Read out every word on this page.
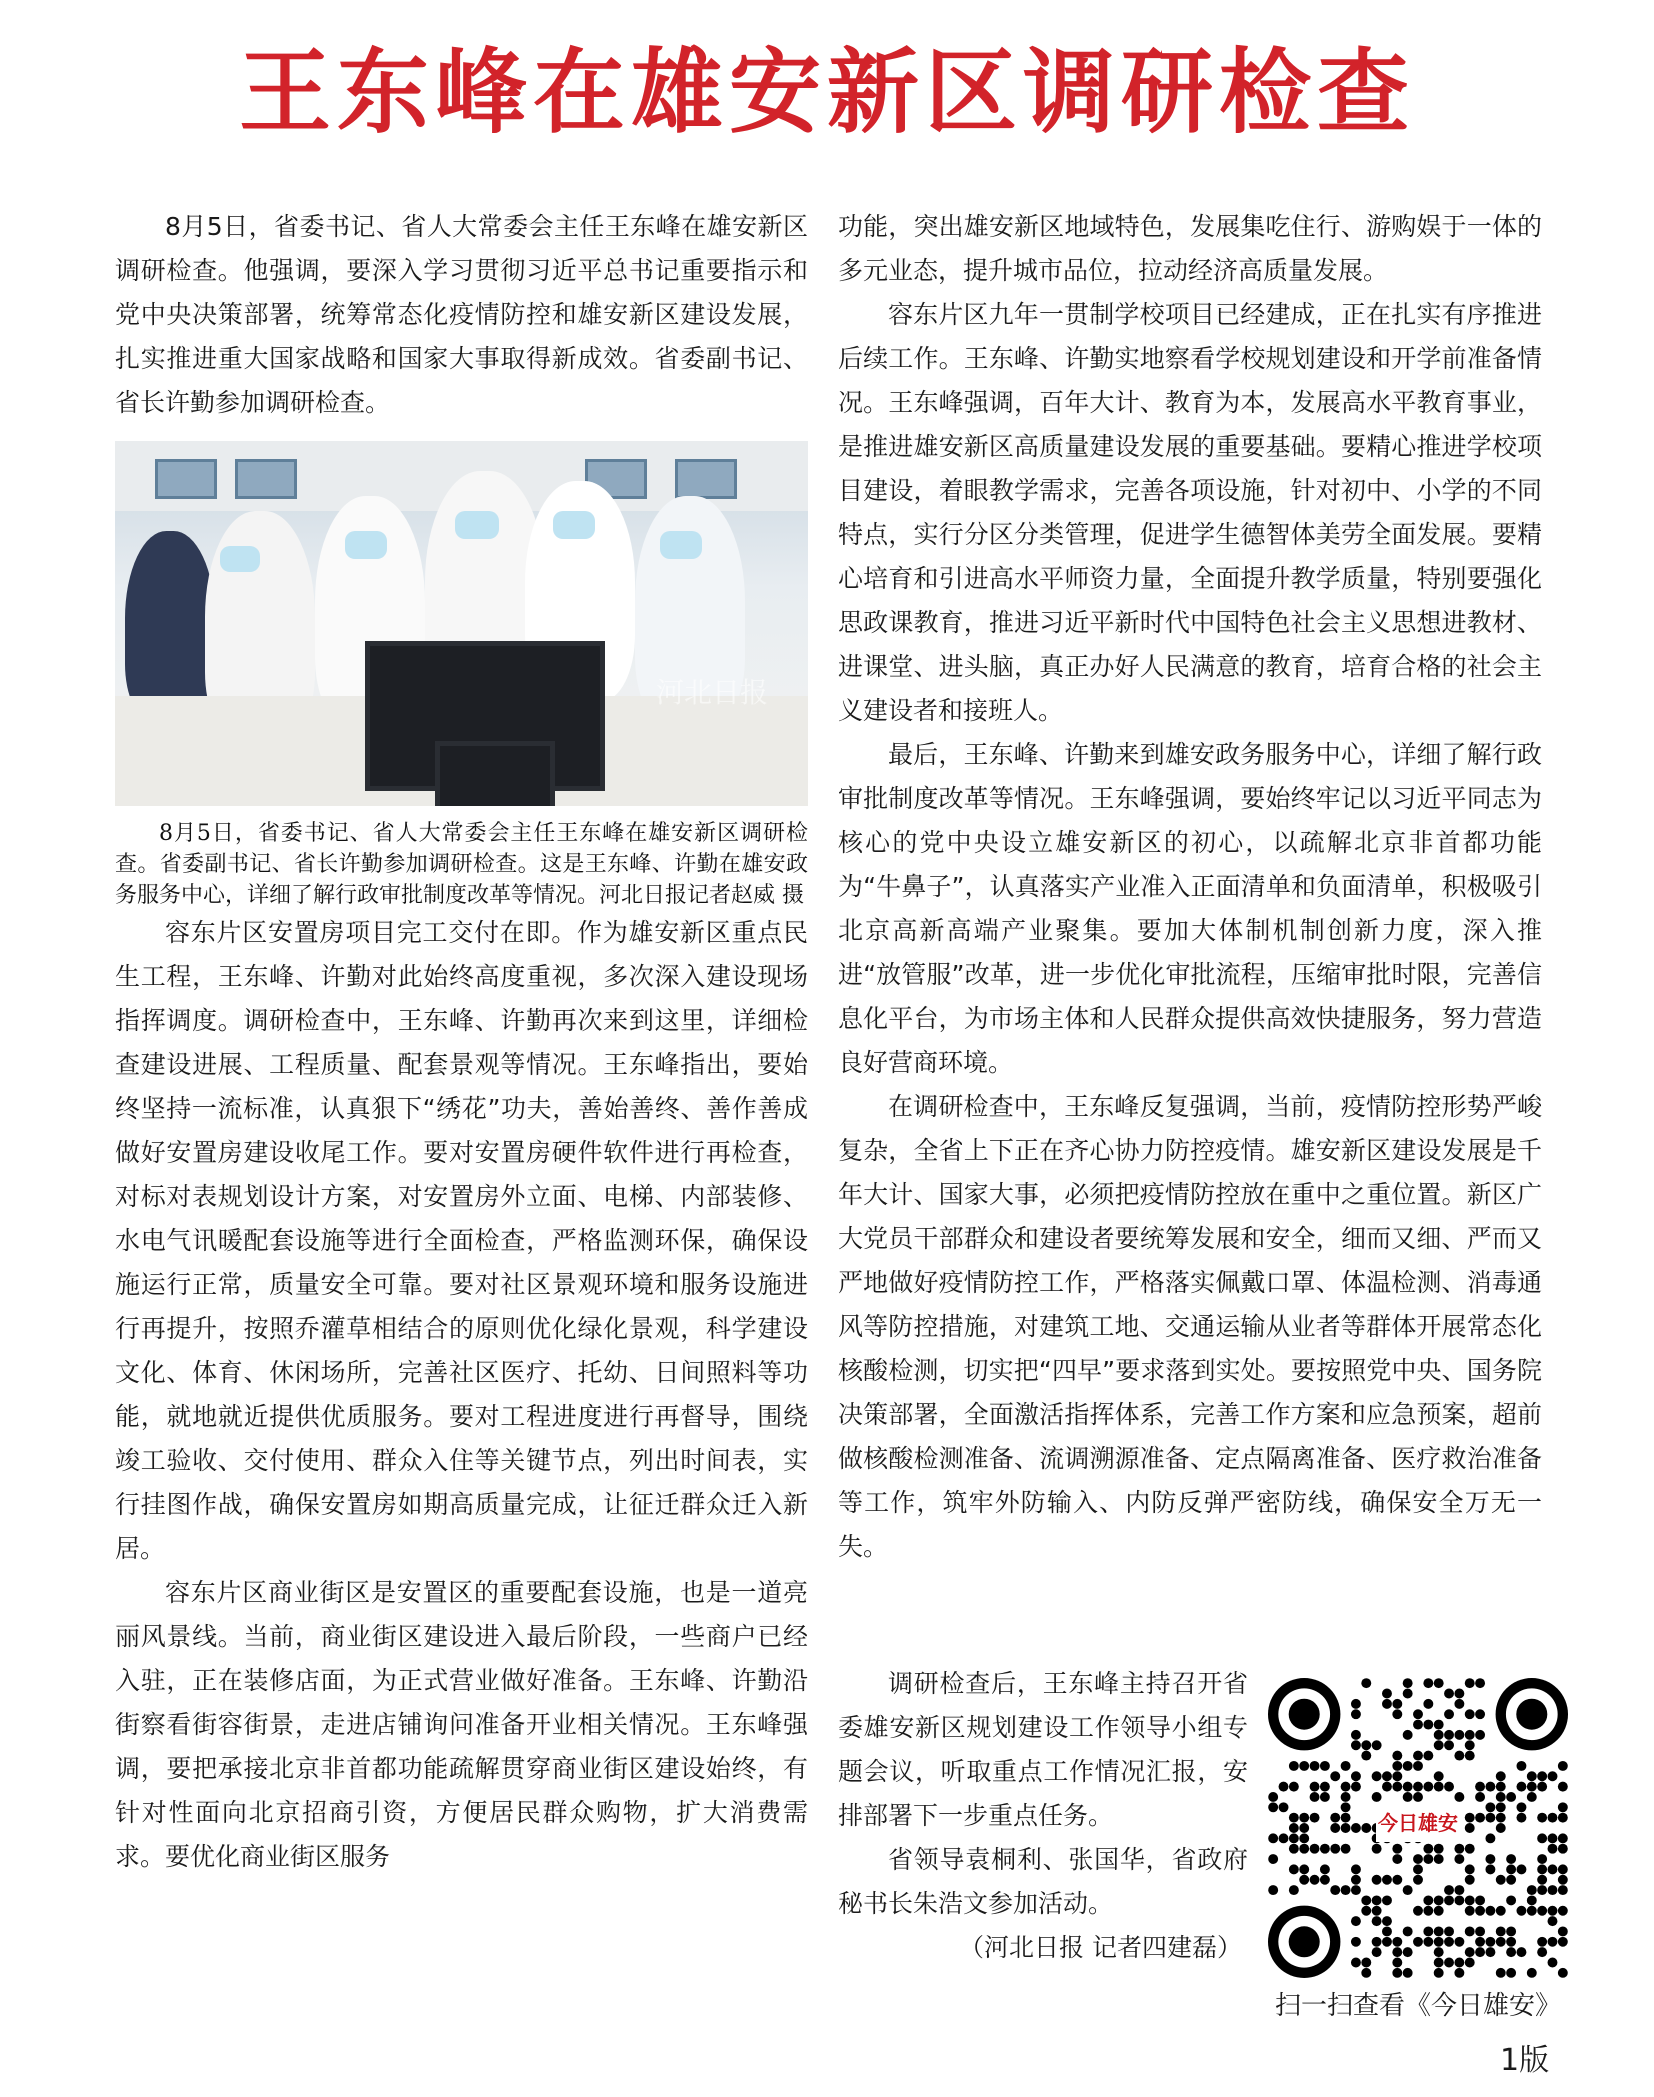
王东峰在雄安新区调研检查

8月5日，省委书记、省人大常委会主任王东峰在雄安新区调研检查。他强调，要深入学习贯彻习近平总书记重要指示和党中央决策部署，统筹常态化疫情防控和雄安新区建设发展，扎实推进重大国家战略和国家大事取得新成效。省委副书记、省长许勤参加调研检查。

河北日报

8月5日，省委书记、省人大常委会主任王东峰在雄安新区调研检查。省委副书记、省长许勤参加调研检查。这是王东峰、许勤在雄安政务服务中心，详细了解行政审批制度改革等情况。河北日报记者赵威 摄

容东片区安置房项目完工交付在即。作为雄安新区重点民生工程，王东峰、许勤对此始终高度重视，多次深入建设现场指挥调度。调研检查中，王东峰、许勤再次来到这里，详细检查建设进展、工程质量、配套景观等情况。王东峰指出，要始终坚持一流标准，认真狠下“绣花”功夫，善始善终、善作善成做好安置房建设收尾工作。要对安置房硬件软件进行再检查，对标对表规划设计方案，对安置房外立面、电梯、内部装修、水电气讯暖配套设施等进行全面检查，严格监测环保，确保设施运行正常，质量安全可靠。要对社区景观环境和服务设施进行再提升，按照乔灌草相结合的原则优化绿化景观，科学建设文化、体育、休闲场所，完善社区医疗、托幼、日间照料等功能，就地就近提供优质服务。要对工程进度进行再督导，围绕竣工验收、交付使用、群众入住等关键节点，列出时间表，实行挂图作战，确保安置房如期高质量完成，让征迁群众迁入新居。

容东片区商业街区是安置区的重要配套设施，也是一道亮丽风景线。当前，商业街区建设进入最后阶段，一些商户已经入驻，正在装修店面，为正式营业做好准备。王东峰、许勤沿街察看街容街景，走进店铺询问准备开业相关情况。王东峰强调，要把承接北京非首都功能疏解贯穿商业街区建设始终，有针对性面向北京招商引资，方便居民群众购物，扩大消费需求。要优化商业街区服务

功能，突出雄安新区地域特色，发展集吃住行、游购娱于一体的多元业态，提升城市品位，拉动经济高质量发展。

容东片区九年一贯制学校项目已经建成，正在扎实有序推进后续工作。王东峰、许勤实地察看学校规划建设和开学前准备情况。王东峰强调，百年大计、教育为本，发展高水平教育事业，是推进雄安新区高质量建设发展的重要基础。要精心推进学校项目建设，着眼教学需求，完善各项设施，针对初中、小学的不同特点，实行分区分类管理，促进学生德智体美劳全面发展。要精心培育和引进高水平师资力量，全面提升教学质量，特别要强化思政课教育，推进习近平新时代中国特色社会主义思想进教材、进课堂、进头脑，真正办好人民满意的教育，培育合格的社会主义建设者和接班人。

最后，王东峰、许勤来到雄安政务服务中心，详细了解行政审批制度改革等情况。王东峰强调，要始终牢记以习近平同志为核心的党中央设立雄安新区的初心，以疏解北京非首都功能为“牛鼻子”，认真落实产业准入正面清单和负面清单，积极吸引北京高新高端产业聚集。要加大体制机制创新力度，深入推进“放管服”改革，进一步优化审批流程，压缩审批时限，完善信息化平台，为市场主体和人民群众提供高效快捷服务，努力营造良好营商环境。

在调研检查中，王东峰反复强调，当前，疫情防控形势严峻复杂，全省上下正在齐心协力防控疫情。雄安新区建设发展是千年大计、国家大事，必须把疫情防控放在重中之重位置。新区广大党员干部群众和建设者要统筹发展和安全，细而又细、严而又严地做好疫情防控工作，严格落实佩戴口罩、体温检测、消毒通风等防控措施，对建筑工地、交通运输从业者等群体开展常态化核酸检测，切实把“四早”要求落到实处。要按照党中央、国务院决策部署，全面激活指挥体系，完善工作方案和应急预案，超前做核酸检测准备、流调溯源准备、定点隔离准备、医疗救治准备等工作，筑牢外防输入、内防反弹严密防线，确保安全万无一失。

调研检查后，王东峰主持召开省委雄安新区规划建设工作领导小组专题会议，听取重点工作情况汇报，安排部署下一步重点任务。

省领导袁桐利、张国华，省政府秘书长朱浩文参加活动。

（河北日报 记者四建磊）

今日雄安
扫一扫查看《今日雄安》
1版
